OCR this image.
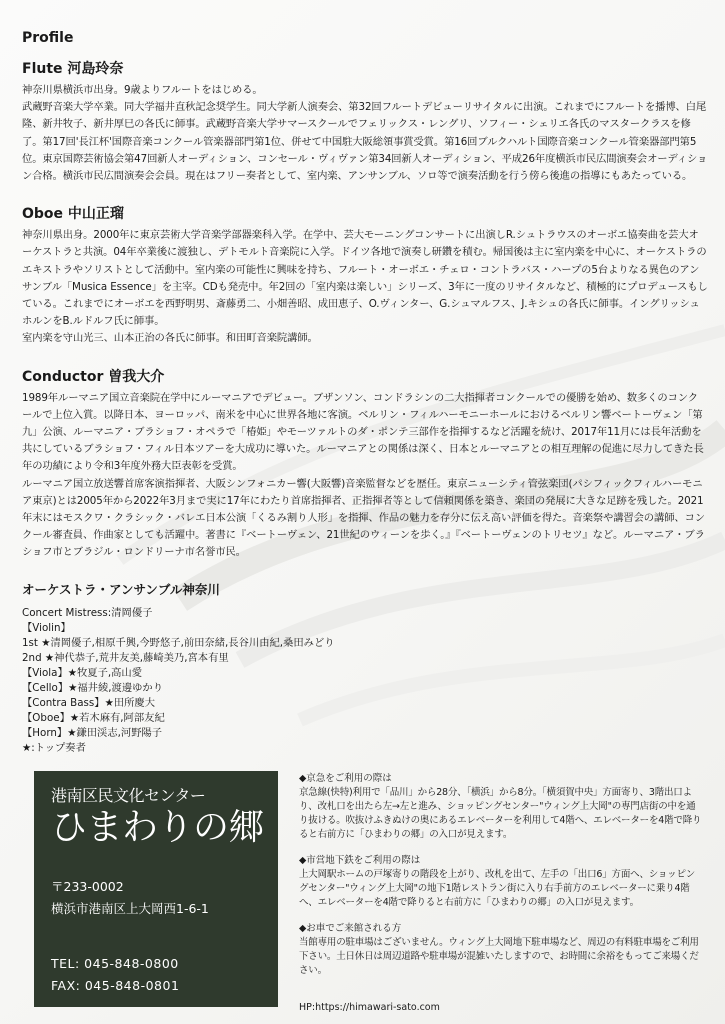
Profile
Flute 河島玲奈

神奈川県横浜市出身。9歳よりフルートをはじめる。
武蔵野音楽大学卒業。同大学福井直秋記念奨学生。同大学新人演奏会、第32回フルートデビューリサイタルに出演。これまでにフルートを播博、白尾隆、新井牧子、新井厚巳の各氏に師事。武蔵野音楽大学サマースクールでフェリックス・レングリ、ソフィー・シェリエ各氏のマスタークラスを修了。第17回'長江杯'国際音楽コンクール管楽器部門第1位、併せて中国駐大阪総領事賞受賞。第16回ブルクハルト国際音楽コンクール管楽器部門第5位。東京国際芸術協会第47回新人オーディション、コンセール・ヴィヴァン第34回新人オーディション、平成26年度横浜市民広間演奏会オーディション合格。横浜市民広間演奏会会員。現在はフリー奏者として、室内楽、アンサンブル、ソロ等で演奏活動を行う傍ら後進の指導にもあたっている。

Oboe 中山正瑠

神奈川県出身。2000年に東京芸術大学音楽学部器楽科入学。在学中、芸大モーニングコンサートに出演しR.シュトラウスのオーボエ協奏曲を芸大オーケストラと共演。04年卒業後に渡独し、デトモルト音楽院に入学。ドイツ各地で演奏し研鑽を積む。帰国後は主に室内楽を中心に、オーケストラのエキストラやソリストとして活動中。室内楽の可能性に興味を持ち、フルート・オーボエ・チェロ・コントラバス・ハープの5台よりなる異色のアンサンブル「Musica Essence」を主宰。CDも発売中。年2回の「室内楽は楽しい」シリーズ、3年に一度のリサイタルなど、積極的にプロデュースもしている。これまでにオーボエを西野明男、斎藤勇二、小畑善昭、成田恵子、O.ヴィンター、G.シュマルフス、J.キシュの各氏に師事。イングリッシュホルンをB.ルドルフ氏に師事。
室内楽を守山光三、山本正治の各氏に師事。和田町音楽院講師。

Conductor 曽我大介

1989年ルーマニア国立音楽院在学中にルーマニアでデビュー。ブザンソン、コンドラシンの二大指揮者コンクールでの優勝を始め、数多くのコンクールで上位入賞。以降日本、ヨーロッパ、南米を中心に世界各地に客演。ベルリン・フィルハーモニーホールにおけるベルリン響ベートーヴェン「第九」公演、ルーマニア・ブラショフ・オペラで「椿姫」やモーツァルトのダ・ポンテ三部作を指揮するなど活躍を続け、2017年11月には長年活動を共にしているブラショフ・フィル日本ツアーを大成功に導いた。ルーマニアとの関係は深く、日本とルーマニアとの相互理解の促進に尽力してきた長年の功績により令和3年度外務大臣表彰を受賞。
ルーマニア国立放送響首席客演指揮者、大阪シンフォニカー響(大阪響)音楽監督などを歴任。東京ニューシティ管弦楽団(パシフィックフィルハーモニア東京)とは2005年から2022年3月まで実に17年にわたり首席指揮者、正指揮者等として信頼関係を築き、楽団の発展に大きな足跡を残した。2021年末にはモスクワ・クラシック・バレエ日本公演「くるみ割り人形」を指揮、作品の魅力を存分に伝え高い評価を得た。音楽祭や講習会の講師、コンクール審査員、作曲家としても活躍中。著書に『ベートーヴェン、21世紀のウィーンを歩く。』『ベートーヴェンのトリセツ』など。ルーマニア・ブラショフ市とブラジル・ロンドリーナ市名誉市民。

オーケストラ・アンサンブル神奈川
Concert Mistress:清岡優子
【Violin】
1st ★清岡優子,相原千興,今野悠子,前田奈緒,長谷川由紀,桑田みどり
2nd ★神代恭子,荒井友美,藤崎美乃,宮本有里
【Viola】★牧夏子,高山愛
【Cello】★福井綾,渡邊ゆかり
【Contra Bass】★田所慶大
【Oboe】★若木麻有,阿部友紀
【Horn】★鎌田渓志,河野陽子
★:トップ奏者
港南区民文化センター
ひまわりの郷
〒233-0002
横浜市港南区上大岡西1-6-1
TEL: 045-848-0800
FAX: 045-848-0801
◆京急をご利用の際は

京急線(快特)利用で「品川」から28分、「横浜」から8分。「横須賀中央」方面寄り、3階出口より、改札口を出たら左→左と進み、ショッピングセンター"ウィング上大岡"の専門店街の中を通り抜ける。吹抜けふきぬけの奥にあるエレベーターを利用して4階へ、エレベーターを4階で降りると右前方に「ひまわりの郷」の入口が見えます。

◆市営地下鉄をご利用の際は

上大岡駅ホームの戸塚寄りの階段を上がり、改札を出て、左手の「出口6」方面へ、ショッピングセンター"ウィング上大岡"の地下1階レストラン街に入り右手前方のエレベーターに乗り4階へ、エレベーターを4階で降りると右前方に「ひまわりの郷」の入口が見えます。

◆お車でご来館される方

当館専用の駐車場はございません。ウィング上大岡地下駐車場など、周辺の有料駐車場をご利用下さい。土日休日は周辺道路や駐車場が混雑いたしますので、お時間に余裕をもってご来場ください。

HP:https://himawari-sato.com
